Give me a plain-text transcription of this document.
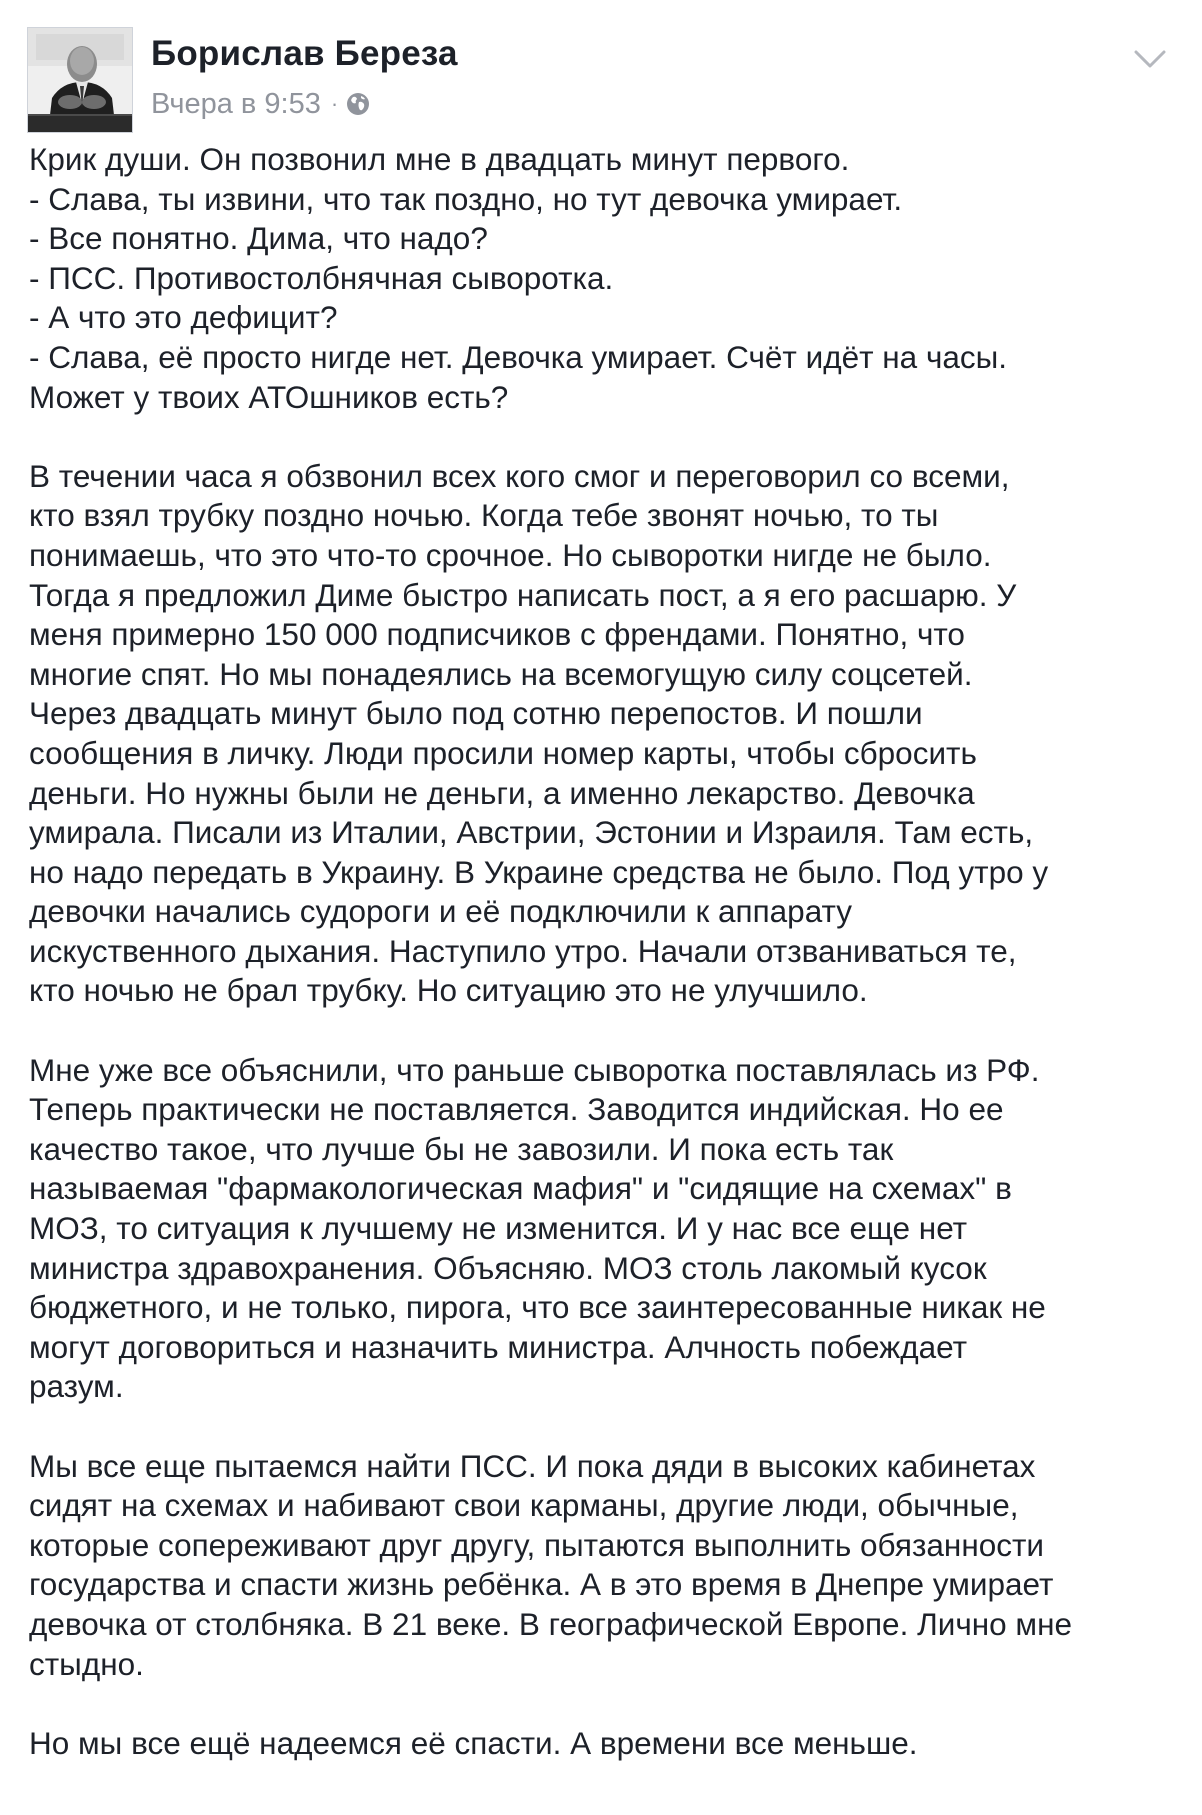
Борислав Береза
Вчера в 9:53 ·
Крик души. Он позвонил мне в двадцать минут первого.
- Слава, ты извини, что так поздно, но тут девочка умирает.
- Все понятно. Дима, что надо?
- ПСС. Противостолбнячная сыворотка.
- А что это дефицит?
- Слава, её просто нигде нет. Девочка умирает. Счёт идёт на часы.
Может у твоих АТОшников есть?
В течении часа я обзвонил всех кого смог и переговорил со всеми,
кто взял трубку поздно ночью. Когда тебе звонят ночью, то ты
понимаешь, что это что-то срочное. Но сыворотки нигде не было.
Тогда я предложил Диме быстро написать пост, а я его расшарю. У
меня примерно 150 000 подписчиков с френдами. Понятно, что
многие спят. Но мы понадеялись на всемогущую силу соцсетей.
Через двадцать минут было под сотню перепостов. И пошли
сообщения в личку. Люди просили номер карты, чтобы сбросить
деньги. Но нужны были не деньги, а именно лекарство. Девочка
умирала. Писали из Италии, Австрии, Эстонии и Израиля. Там есть,
но надо передать в Украину. В Украине средства не было. Под утро у
девочки начались судороги и её подключили к аппарату
искуственного дыхания. Наступило утро. Начали отзваниваться те,
кто ночью не брал трубку. Но ситуацию это не улучшило.
Мне уже все объяснили, что раньше сыворотка поставлялась из РФ.
Теперь практически не поставляется. Заводится индийская. Но ее
качество такое, что лучше бы не завозили. И пока есть так
называемая "фармакологическая мафия" и "сидящие на схемах" в
МОЗ, то ситуация к лучшему не изменится. И у нас все еще нет
министра здравохранения. Объясняю. МОЗ столь лакомый кусок
бюджетного, и не только, пирога, что все заинтересованные никак не
могут договориться и назначить министра. Алчность побеждает
разум.
Мы все еще пытаемся найти ПСС. И пока дяди в высоких кабинетах
сидят на схемах и набивают свои карманы, другие люди, обычные,
которые сопереживают друг другу, пытаются выполнить обязанности
государства и спасти жизнь ребёнка. А в это время в Днепре умирает
девочка от столбняка. В 21 веке. В географической Европе. Лично мне
стыдно.
Но мы все ещё надеемся её спасти. А времени все меньше.
